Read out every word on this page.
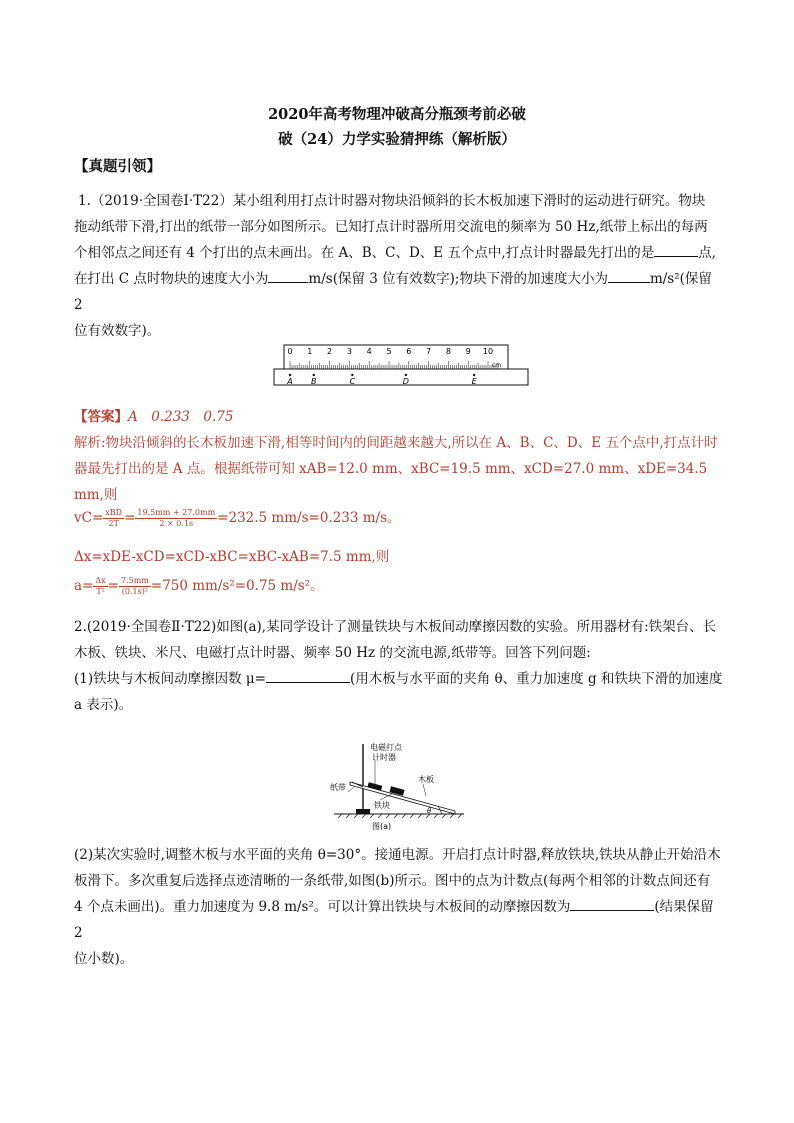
2020年高考物理冲破高分瓶颈考前必破
破（24）力学实验猜押练（解析版）
【真题引领】
1.（2019·全国卷Ⅰ·T22）某小组利用打点计时器对物块沿倾斜的长木板加速下滑时的运动进行研究。物块
拖动纸带下滑,打出的纸带一部分如图所示。已知打点计时器所用交流电的频率为 50 Hz,纸带上标出的每两
个相邻点之间还有 4 个打出的点未画出。在 A、B、C、D、E 五个点中,打点计时器最先打出的是	点,
在打出 C 点时物块的速度大小为	m/s(保留 3 位有效数字);物块下滑的加速度大小为	m/s²(保留 2
位有效数字)。
0 1 2 3 4 5 6 7 8 9 10
cm
A B	C	D	E
【答案】A　0.233　0.75
解析:物块沿倾斜的长木板加速下滑,相等时间内的间距越来越大,所以在 A、B、C、D、E 五个点中,打点计时
器最先打出的是 A 点。根据纸带可知 xAB=12.0 mm、xBC=19.5 mm、xCD=27.0 mm、xDE=34.5 mm,则
$vC= \frac{\text{xBD}}{2T} = \frac{19.5mm + 27.0mm}{2 \times 0.1s} =232.5$ mm/s=0.233 m/s。
Δx=xDE-xCD=xCD-xBC=xBC-xAB=7.5 mm,则
$a= \frac{\Delta x}{\text{T²}} = \frac{7.5mm}{\text{(0.1s)²}} =750$ mm/s²=0.75 m/s²。
2.(2019·全国卷Ⅱ·T22)如图(a),某同学设计了测量铁块与木板间动摩擦因数的实验。所用器材有:铁架台、长
木板、铁块、米尺、电磁打点计时器、频率 50 Hz 的交流电源,纸带等。回答下列问题:
(1)铁块与木板间动摩擦因数 μ=	(用木板与水平面的夹角 θ、重力加速度 g 和铁块下滑的加速度
a 表示)。
电磁打点
计时器
纸带
木板
铁块
θ
图(a)
(2)某次实验时,调整木板与水平面的夹角 θ=30°。接通电源。开启打点计时器,释放铁块,铁块从静止开始沿木
板滑下。多次重复后选择点迹清晰的一条纸带,如图(b)所示。图中的点为计数点(每两个相邻的计数点间还有
4 个点未画出)。重力加速度为 9.8 m/s²。可以计算出铁块与木板间的动摩擦因数为	(结果保留 2
位小数)。
